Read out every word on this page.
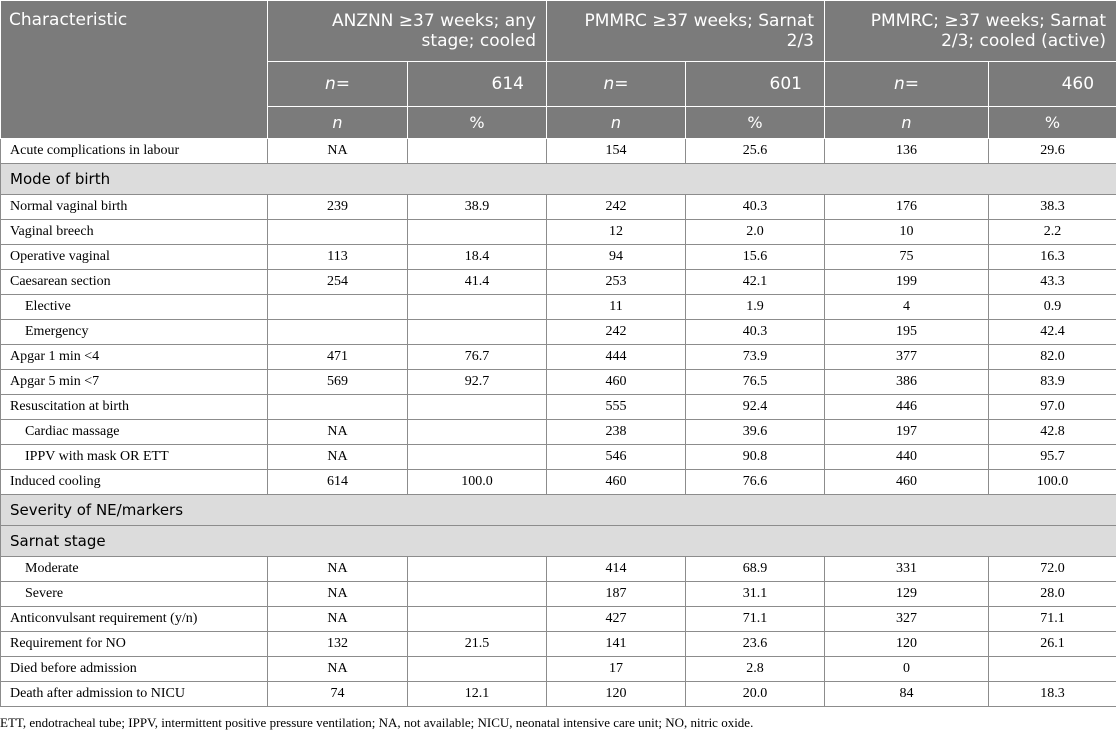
Characteristic	ANZNN ≥37 weeks; any stage; cooled		PMMRC ≥37 weeks; Sarnat 2/3		PMMRC; ≥37 weeks; Sarnat 2/3; cooled (active)	
	n=	614	n=	601	n=	460
	n	%	n	%	n	%
Acute complications in labour	NA		154	25.6	136	29.6
Mode of birth						
Normal vaginal birth	239	38.9	242	40.3	176	38.3
Vaginal breech			12	2.0	10	2.2
Operative vaginal	113	18.4	94	15.6	75	16.3
Caesarean section	254	41.4	253	42.1	199	43.3
Elective			11	1.9	4	0.9
Emergency			242	40.3	195	42.4
Apgar 1 min <4	471	76.7	444	73.9	377	82.0
Apgar 5 min <7	569	92.7	460	76.5	386	83.9
Resuscitation at birth			555	92.4	446	97.0
Cardiac massage	NA		238	39.6	197	42.8
IPPV with mask OR ETT	NA		546	90.8	440	95.7
Induced cooling	614	100.0	460	76.6	460	100.0
Severity of NE/markers						
Sarnat stage						
Moderate	NA		414	68.9	331	72.0
Severe	NA		187	31.1	129	28.0
Anticonvulsant requirement (y/n)	NA		427	71.1	327	71.1
Requirement for NO	132	21.5	141	23.6	120	26.1
Died before admission	NA		17	2.8	0	
Death after admission to NICU	74	12.1	120	20.0	84	18.3
ETT, endotracheal tube; IPPV, intermittent positive pressure ventilation; NA, not available; NICU, neonatal intensive care unit; NO, nitric oxide.
